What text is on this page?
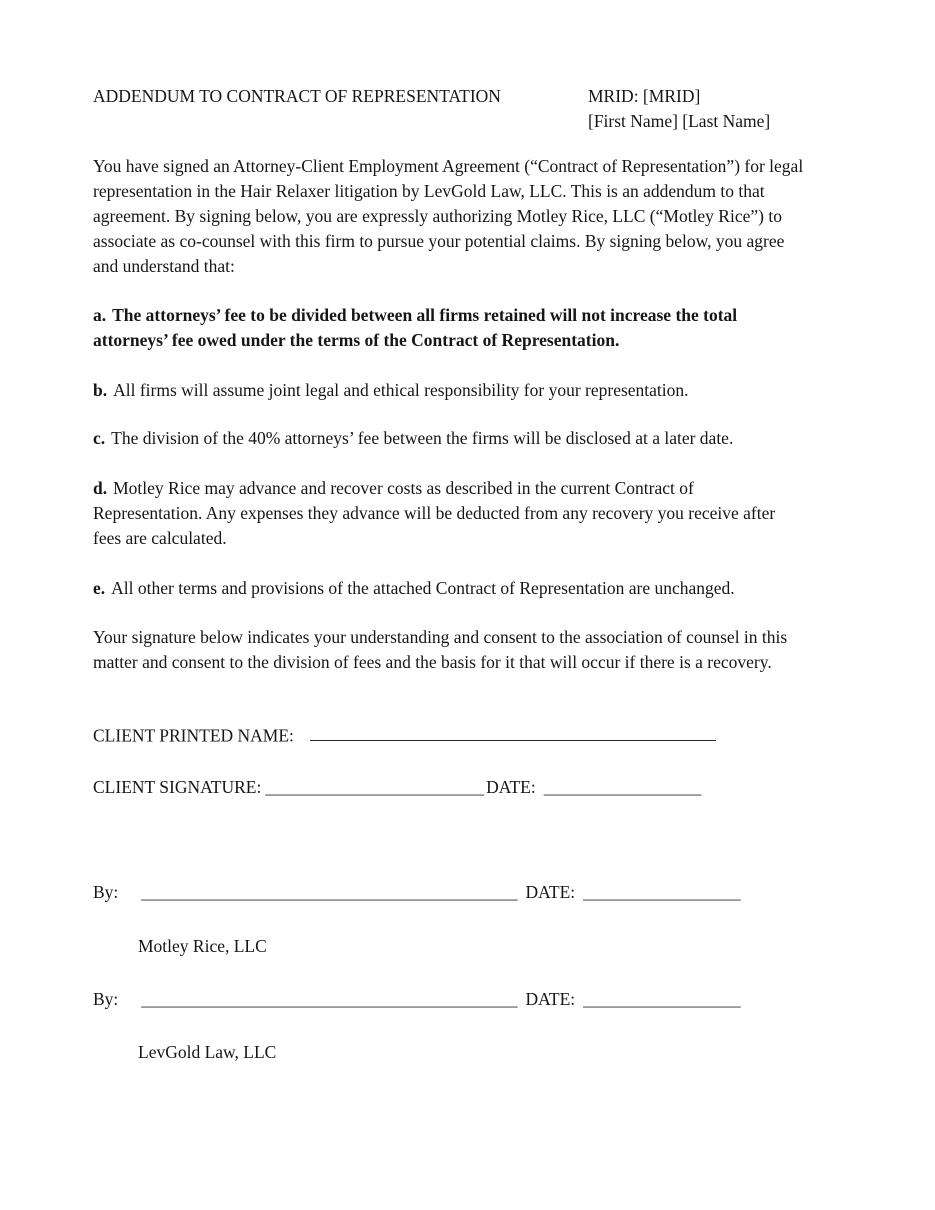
ADDENDUM TO CONTRACT OF REPRESENTATION	MRID: [MRID]
[First Name] [Last Name]

You have signed an Attorney-Client Employment Agreement (“Contract of Representation”) for legal representation in the Hair Relaxer litigation by LevGold Law, LLC. This is an addendum to that agreement. By signing below, you are expressly authorizing Motley Rice, LLC (“Motley Rice”) to associate as co-counsel with this firm to pursue your potential claims. By signing below, you agree and understand that:

a. The attorneys’ fee to be divided between all firms retained will not increase the total attorneys’ fee owed under the terms of the Contract of Representation.

b. All firms will assume joint legal and ethical responsibility for your representation.

c. The division of the 40% attorneys’ fee between the firms will be disclosed at a later date.

d. Motley Rice may advance and recover costs as described in the current Contract of Representation. Any expenses they advance will be deducted from any recovery you receive after fees are calculated.

e. All other terms and provisions of the attached Contract of Representation are unchanged.

Your signature below indicates your understanding and consent to the association of counsel in this matter and consent to the division of fees and the basis for it that will occur if there is a recovery.

CLIENT PRINTED NAME:
CLIENT SIGNATURE: _________________________ DATE: __________________
By: ___________________________________________ DATE: __________________
Motley Rice, LLC
By: ___________________________________________ DATE: __________________
LevGold Law, LLC
